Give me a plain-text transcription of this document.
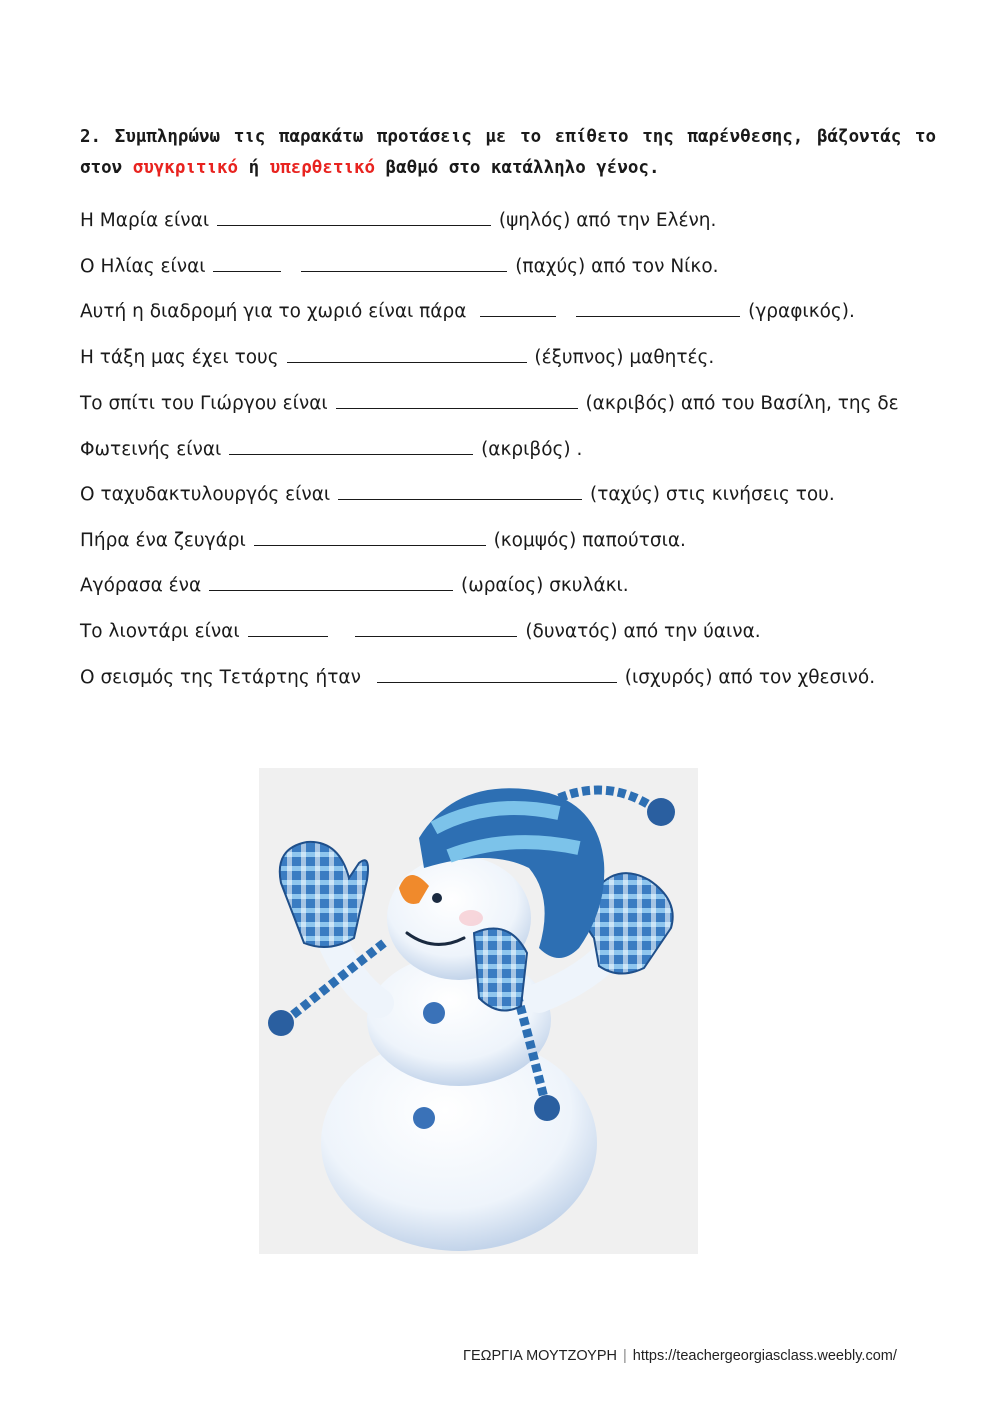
2. Συμπληρώνω τις παρακάτω προτάσεις με το επίθετο της παρένθεσης, βάζοντάς το στον συγκριτικό ή υπερθετικό βαθμό στο κατάλληλο γένος.

Η Μαρία είναι	(ψηλός) από την Ελένη.
Ο Ηλίας είναι	(παχύς) από τον Νίκο.
Αυτή η διαδρομή για το χωριό είναι πάρα	(γραφικός).
Η τάξη μας έχει τους	(έξυπνος) μαθητές.
Το σπίτι του Γιώργου είναι	(ακριβός) από του Βασίλη, της δε
Φωτεινής είναι	(ακριβός) .
Ο ταχυδακτυλουργός είναι	(ταχύς) στις κινήσεις του.
Πήρα ένα ζευγάρι	(κομψός) παπούτσια.
Αγόρασα ένα	(ωραίος) σκυλάκι.
Το λιοντάρι είναι	(δυνατός) από την ύαινα.
Ο σεισμός της Τετάρτης ήταν	(ισχυρός) από τον χθεσινό.
ΓΕΩΡΓΙΑ ΜΟΥΤΖΟΥΡΗ | https://teachergeorgiasclass.weebly.com/
